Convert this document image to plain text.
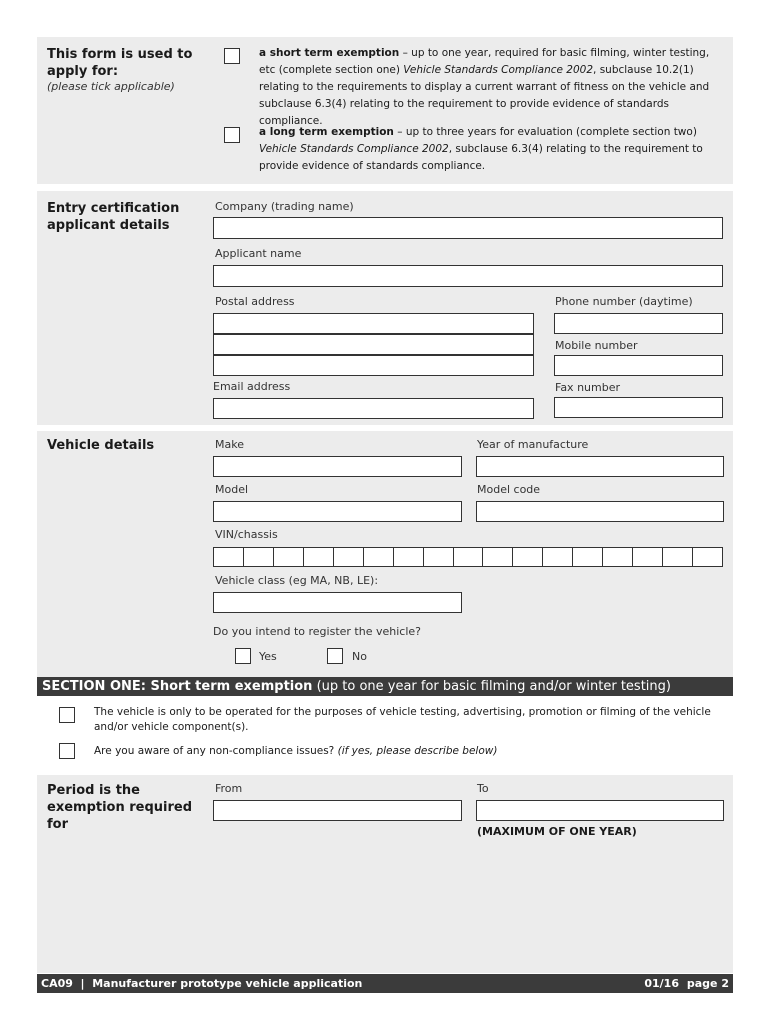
This form is used to
apply for:
(please tick applicable)
a short term exemption – up to one year, required for basic filming, winter testing, etc (complete section one) Vehicle Standards Compliance 2002, subclause 10.2(1) relating to the requirements to display a current warrant of fitness on the vehicle and subclause 6.3(4) relating to the requirement to provide evidence of standards compliance.
a long term exemption – up to three years for evaluation (complete section two) Vehicle Standards Compliance 2002, subclause 6.3(4) relating to the requirement to provide evidence of standards compliance.
Entry certification
applicant details
Company (trading name)
Applicant name
Postal address	Phone number (daytime)
Mobile number
Email address	Fax number
Vehicle details	Make	Year of manufacture
Model	Model code
VIN/chassis
Vehicle class (eg MA, NB, LE):
Do you intend to register the vehicle?
Yes	No
SECTION ONE: Short term exemption (up to one year for basic filming and/or winter testing)
The vehicle is only to be operated for the purposes of vehicle testing, advertising, promotion or filming of the vehicle and/or vehicle component(s).
Are you aware of any non-compliance issues? (if yes, please describe below)
Period is the
exemption required
for
From	To
(MAXIMUM OF ONE YEAR)
CA09  |  Manufacturer prototype vehicle application	01/16 page 2
